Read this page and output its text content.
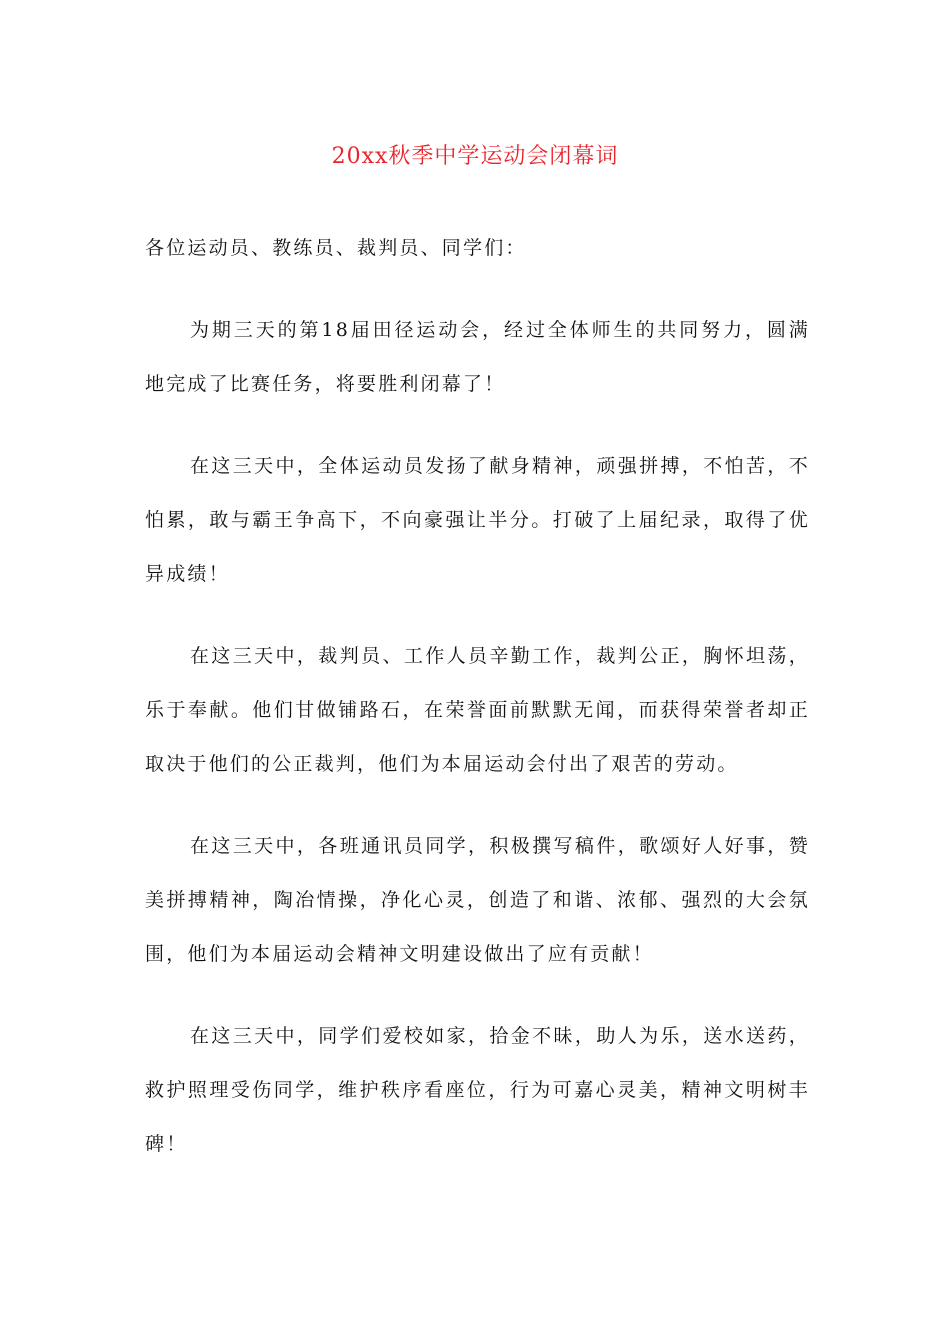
20xx秋季中学运动会闭幕词

各位运动员、教练员、裁判员、同学们：

为期三天的第18届田径运动会，经过全体师生的共同努力，圆满地完成了比赛任务，将要胜利闭幕了！

在这三天中，全体运动员发扬了献身精神，顽强拼搏，不怕苦，不怕累，敢与霸王争高下，不向豪强让半分。打破了上届纪录，取得了优异成绩！

在这三天中，裁判员、工作人员辛勤工作，裁判公正，胸怀坦荡，乐于奉献。他们甘做铺路石，在荣誉面前默默无闻，而获得荣誉者却正取决于他们的公正裁判，他们为本届运动会付出了艰苦的劳动。

在这三天中，各班通讯员同学，积极撰写稿件，歌颂好人好事，赞美拼搏精神，陶冶情操，净化心灵，创造了和谐、浓郁、强烈的大会氛围，他们为本届运动会精神文明建设做出了应有贡献！

在这三天中，同学们爱校如家，拾金不昧，助人为乐，送水送药，救护照理受伤同学，维护秩序看座位，行为可嘉心灵美，精神文明树丰碑！
